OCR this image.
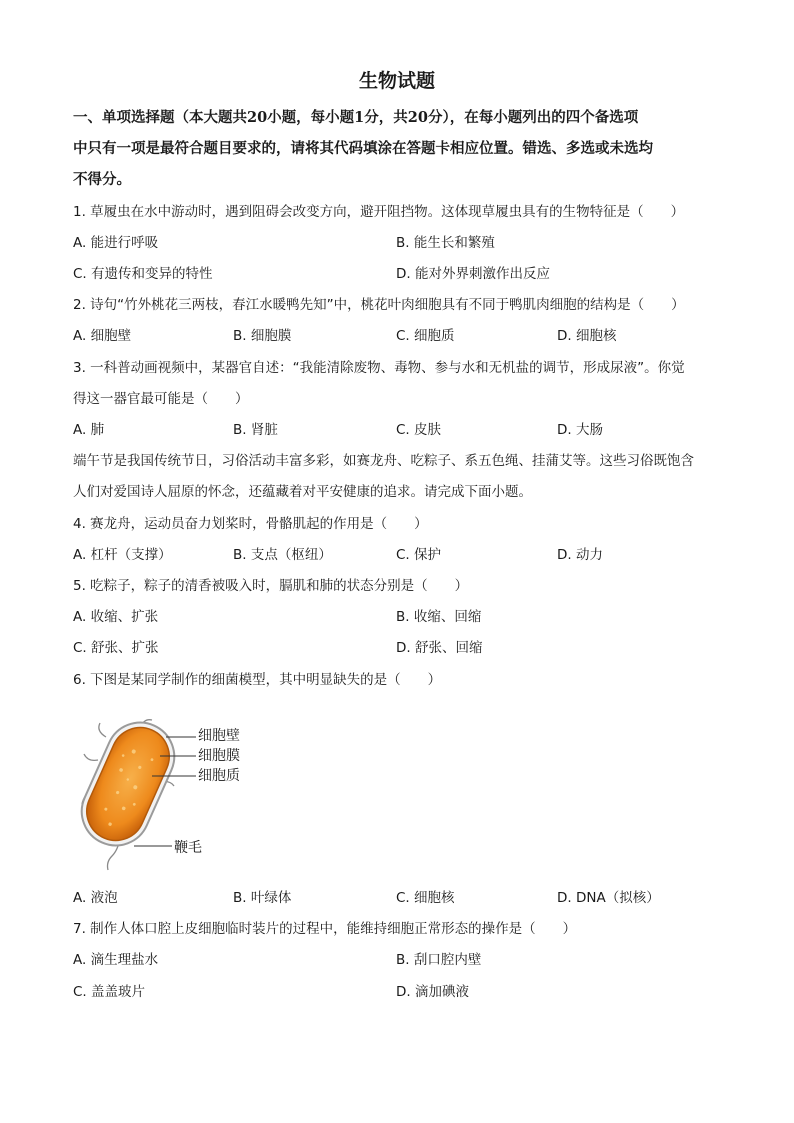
生物试题
一、单项选择题（本大题共20小题，每小题1分，共20分），在每小题列出的四个备选项
中只有一项是最符合题目要求的，请将其代码填涂在答题卡相应位置。错选、多选或未选均
不得分。
1. 草履虫在水中游动时，遇到阻碍会改变方向，避开阻挡物。这体现草履虫具有的生物特征是（　　）
A. 能进行呼吸	B. 能生长和繁殖
C. 有遗传和变异的特性	D. 能对外界刺激作出反应
2. 诗句“竹外桃花三两枝，春江水暖鸭先知”中，桃花叶肉细胞具有不同于鸭肌肉细胞的结构是（　　）
A. 细胞壁	B. 细胞膜	C. 细胞质	D. 细胞核
3. 一科普动画视频中，某器官自述：“我能清除废物、毒物、参与水和无机盐的调节，形成尿液”。你觉
得这一器官最可能是（　　）
A. 肺	B. 肾脏	C. 皮肤	D. 大肠
端午节是我国传统节日，习俗活动丰富多彩，如赛龙舟、吃粽子、系五色绳、挂蒲艾等。这些习俗既饱含
人们对爱国诗人屈原的怀念，还蕴藏着对平安健康的追求。请完成下面小题。
4. 赛龙舟，运动员奋力划桨时，骨骼肌起的作用是（　　）
A. 杠杆（支撑）	B. 支点（枢纽）	C. 保护	D. 动力
5. 吃粽子，粽子的清香被吸入时，膈肌和肺的状态分别是（　　）
A. 收缩、扩张	B. 收缩、回缩
C. 舒张、扩张	D. 舒张、回缩
6. 下图是某同学制作的细菌模型，其中明显缺失的是（　　）
细胞壁
细胞膜
细胞质
鞭毛
A. 液泡	B. 叶绿体	C. 细胞核	D. DNA（拟核）
7. 制作人体口腔上皮细胞临时装片的过程中，能维持细胞正常形态的操作是（　　）
A. 滴生理盐水	B. 刮口腔内壁
C. 盖盖玻片	D. 滴加碘液
